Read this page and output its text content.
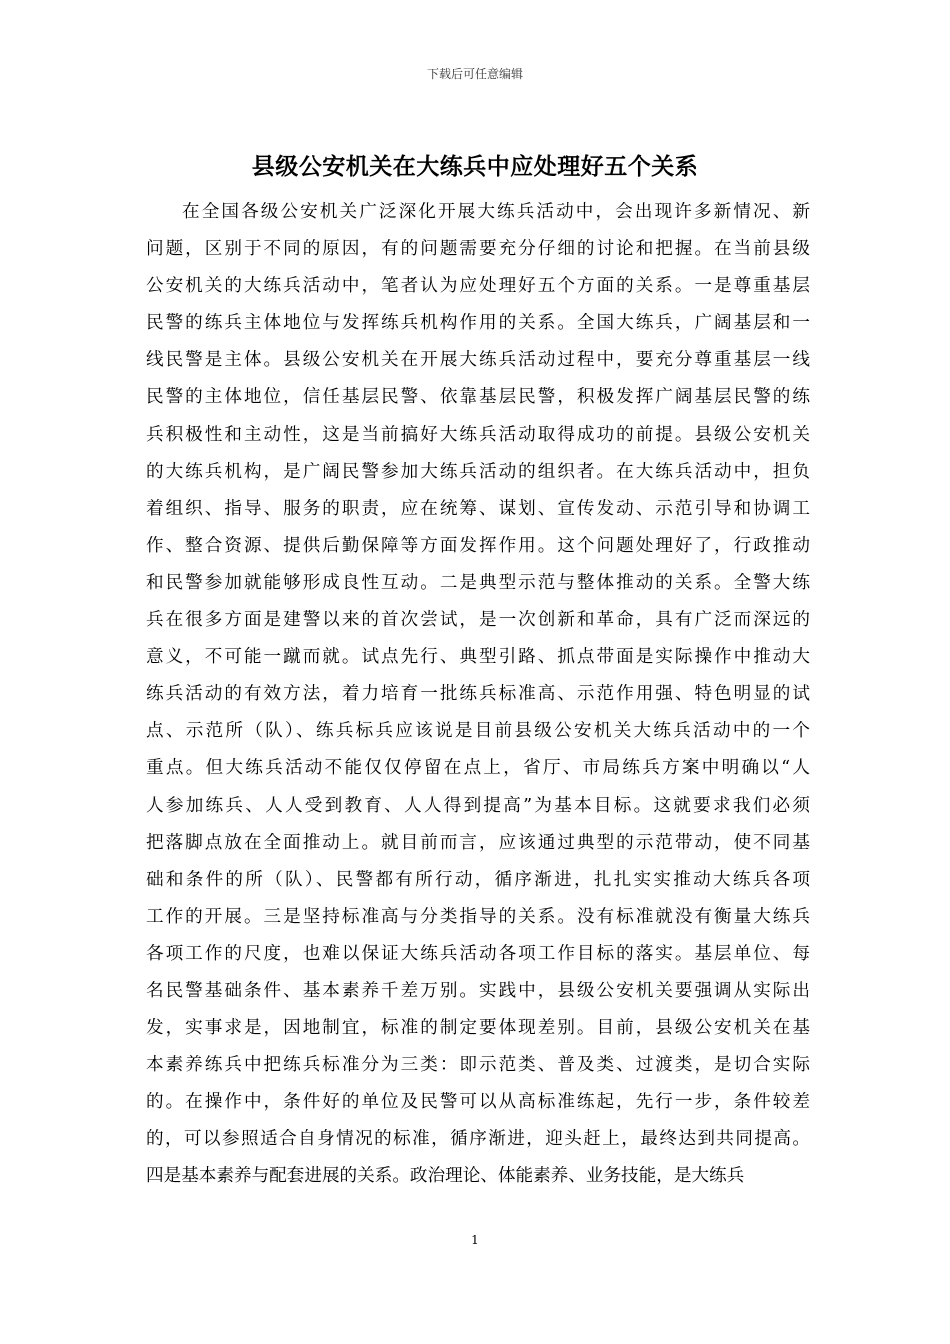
下载后可任意编辑
县级公安机关在大练兵中应处理好五个关系
在全国各级公安机关广泛深化开展大练兵活动中，会出现许多新情况、新
问题，区别于不同的原因，有的问题需要充分仔细的讨论和把握。在当前县级
公安机关的大练兵活动中，笔者认为应处理好五个方面的关系。一是尊重基层
民警的练兵主体地位与发挥练兵机构作用的关系。全国大练兵，广阔基层和一
线民警是主体。县级公安机关在开展大练兵活动过程中，要充分尊重基层一线
民警的主体地位，信任基层民警、依靠基层民警，积极发挥广阔基层民警的练
兵积极性和主动性，这是当前搞好大练兵活动取得成功的前提。县级公安机关
的大练兵机构，是广阔民警参加大练兵活动的组织者。在大练兵活动中，担负
着组织、指导、服务的职责，应在统筹、谋划、宣传发动、示范引导和协调工
作、整合资源、提供后勤保障等方面发挥作用。这个问题处理好了，行政推动
和民警参加就能够形成良性互动。二是典型示范与整体推动的关系。全警大练
兵在很多方面是建警以来的首次尝试，是一次创新和革命，具有广泛而深远的
意义，不可能一蹴而就。试点先行、典型引路、抓点带面是实际操作中推动大
练兵活动的有效方法，着力培育一批练兵标准高、示范作用强、特色明显的试
点、示范所（队）、练兵标兵应该说是目前县级公安机关大练兵活动中的一个
重点。但大练兵活动不能仅仅停留在点上，省厅、市局练兵方案中明确以“人
人参加练兵、人人受到教育、人人得到提高”为基本目标。这就要求我们必须
把落脚点放在全面推动上。就目前而言，应该通过典型的示范带动，使不同基
础和条件的所（队）、民警都有所行动，循序渐进，扎扎实实推动大练兵各项
工作的开展。三是坚持标准高与分类指导的关系。没有标准就没有衡量大练兵
各项工作的尺度，也难以保证大练兵活动各项工作目标的落实。基层单位、每
名民警基础条件、基本素养千差万别。实践中，县级公安机关要强调从实际出
发，实事求是，因地制宜，标准的制定要体现差别。目前，县级公安机关在基
本素养练兵中把练兵标准分为三类：即示范类、普及类、过渡类，是切合实际
的。在操作中，条件好的单位及民警可以从高标准练起，先行一步，条件较差
的，可以参照适合自身情况的标准，循序渐进，迎头赶上，最终达到共同提高。
四是基本素养与配套进展的关系。政治理论、体能素养、业务技能，是大练兵
1
